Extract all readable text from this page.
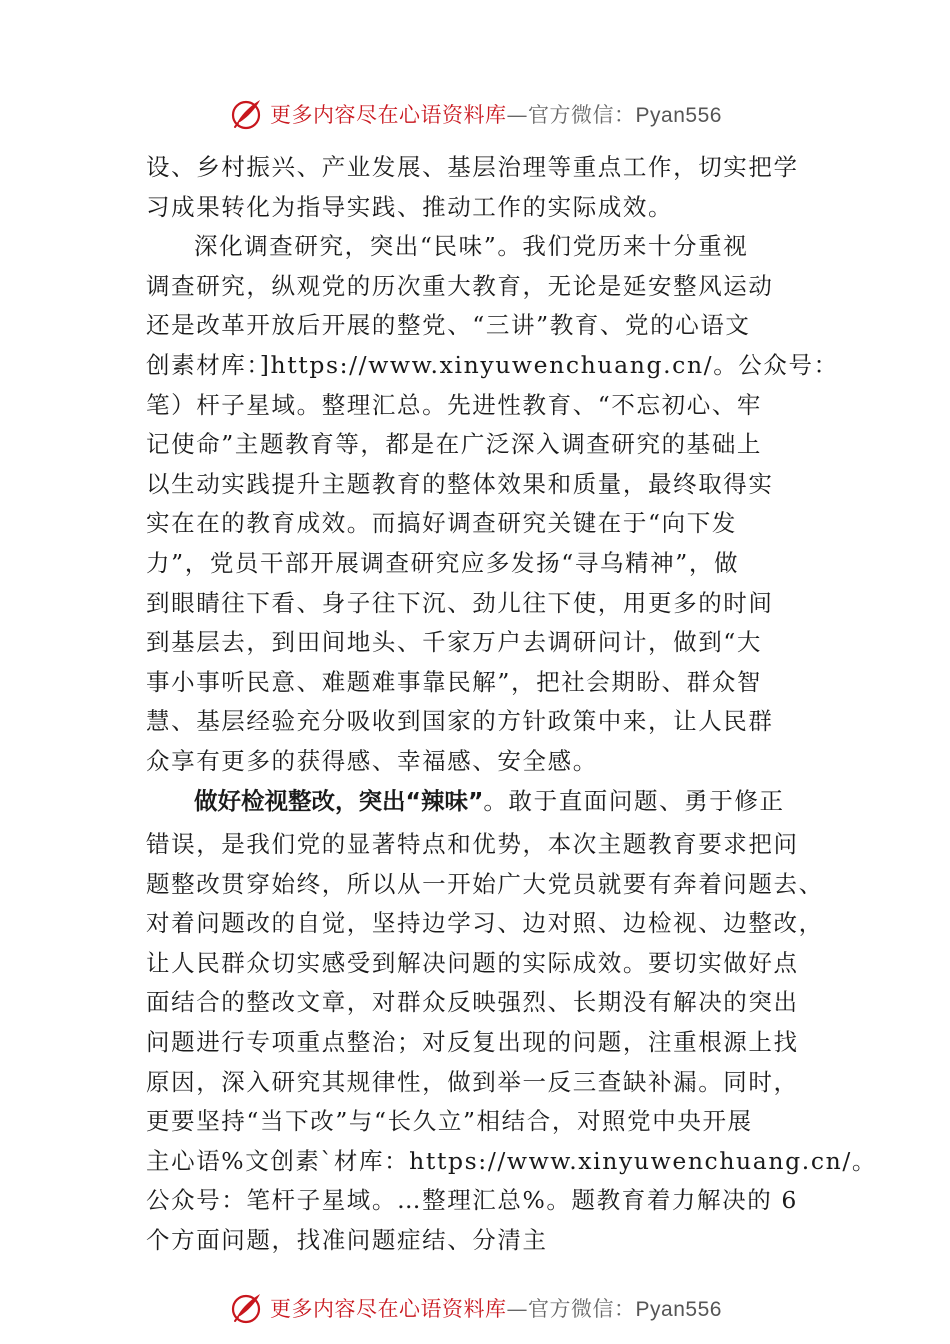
更多内容尽在心语资料库—官方微信：Pyan556
设、乡村振兴、产业发展、基层治理等重点工作，切实把学
习成果转化为指导实践、推动工作的实际成效。
深化调查研究，突出“民味”。我们党历来十分重视
调查研究，纵观党的历次重大教育，无论是延安整风运动
还是改革开放后开展的整党、“三讲”教育、党的心语文
创素材库：]https://www.xinyuwenchuang.cn/。公众号：
笔）杆子星域。整理汇总。先进性教育、“不忘初心、牢
记使命”主题教育等，都是在广泛深入调查研究的基础上
以生动实践提升主题教育的整体效果和质量，最终取得实
实在在的教育成效。而搞好调查研究关键在于“向下发
力”，党员干部开展调查研究应多发扬“寻乌精神”，做
到眼睛往下看、身子往下沉、劲儿往下使，用更多的时间
到基层去，到田间地头、千家万户去调研问计，做到“大
事小事听民意、难题难事靠民解”，把社会期盼、群众智
慧、基层经验充分吸收到国家的方针政策中来，让人民群
众享有更多的获得感、幸福感、安全感。
做好检视整改，突出“辣味”。敢于直面问题、勇于修正
错误，是我们党的显著特点和优势，本次主题教育要求把问
题整改贯穿始终，所以从一开始广大党员就要有奔着问题去、
对着问题改的自觉，坚持边学习、边对照、边检视、边整改，
让人民群众切实感受到解决问题的实际成效。要切实做好点
面结合的整改文章，对群众反映强烈、长期没有解决的突出
问题进行专项重点整治；对反复出现的问题，注重根源上找
原因，深入研究其规律性，做到举一反三查缺补漏。同时，
更要坚持“当下改”与“长久立”相结合，对照党中央开展
主心语%文创素`材库：https://www.xinyuwenchuang.cn/。
公众号：笔杆子星域。…整理汇总%。题教育着力解决的 6
个方面问题，找准问题症结、分清主
更多内容尽在心语资料库—官方微信：Pyan556
